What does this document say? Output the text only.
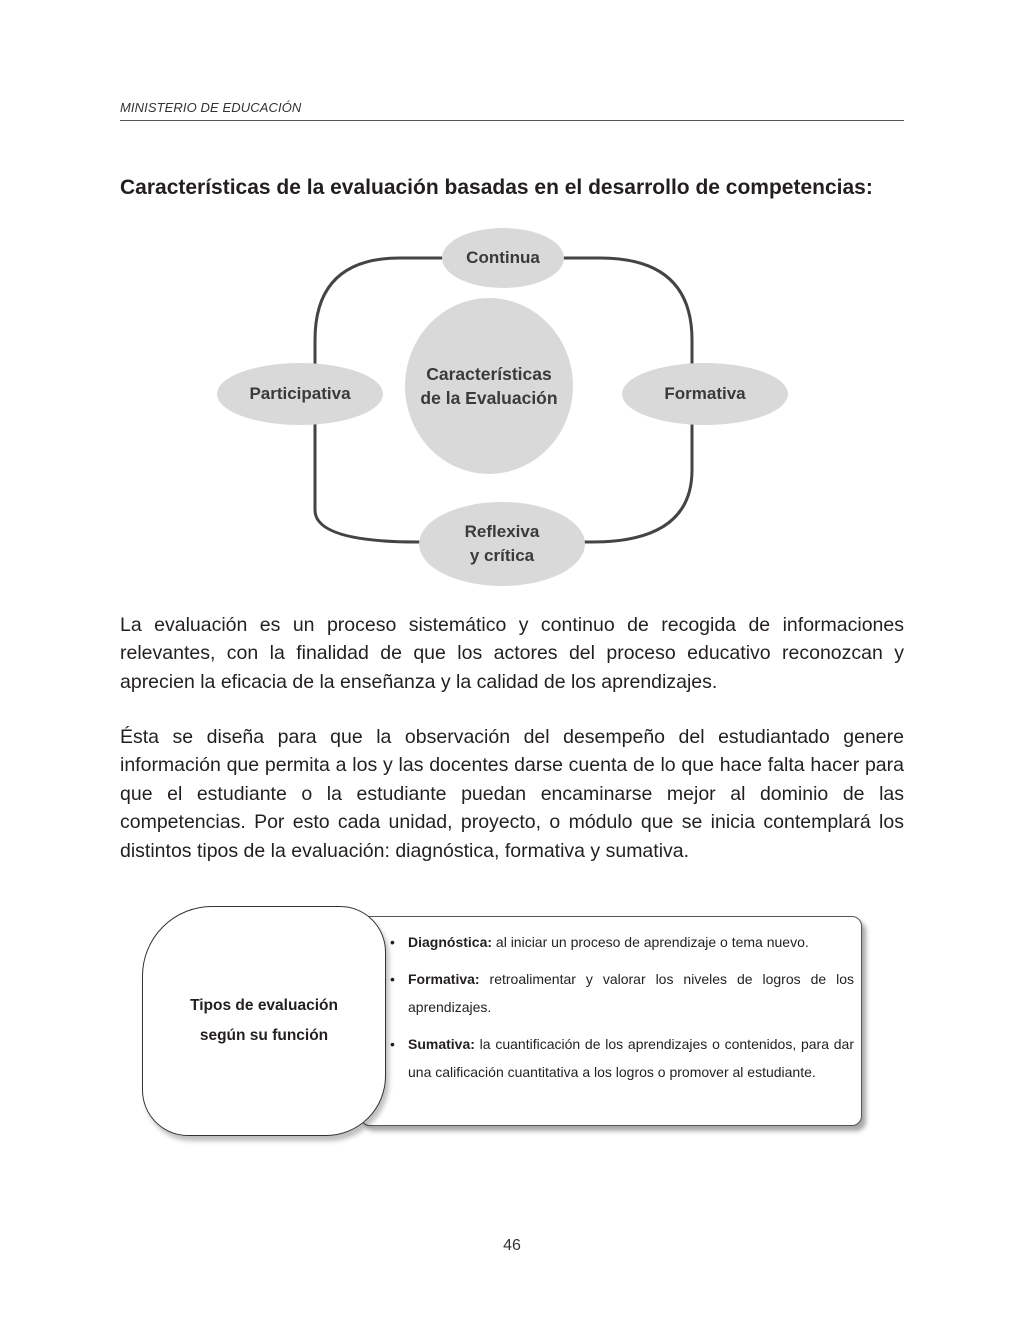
MINISTERIO DE EDUCACIÓN
Características de la evaluación basadas en el desarrollo de competencias:
Características
de la Evaluación
Continua
Participativa	Formativa
Reflexiva
y crítica
La evaluación es un proceso sistemático y continuo de recogida de informaciones relevantes, con la finalidad de que los actores del proceso educativo reconozcan y aprecien la eficacia de la enseñanza y la calidad de los aprendizajes.
Ésta se diseña para que la observación del desempeño del estudiantado genere información que permita a los y las docentes darse cuenta de lo que hace falta hacer para que el estudiante o la estudiante puedan encaminarse mejor al dominio de las competencias. Por esto cada unidad, proyecto, o módulo que se inicia contemplará los distintos tipos de la evaluación: diagnóstica, formativa y sumativa.
Tipos de evaluación
según su función
• Diagnóstica: al iniciar un proceso de aprendizaje o tema nuevo.
• Formativa: retroalimentar y valorar los niveles de logros de los aprendizajes.
• Sumativa: la cuantificación de los aprendizajes o contenidos, para dar una calificación cuantitativa a los logros o promover al estudiante.
46
